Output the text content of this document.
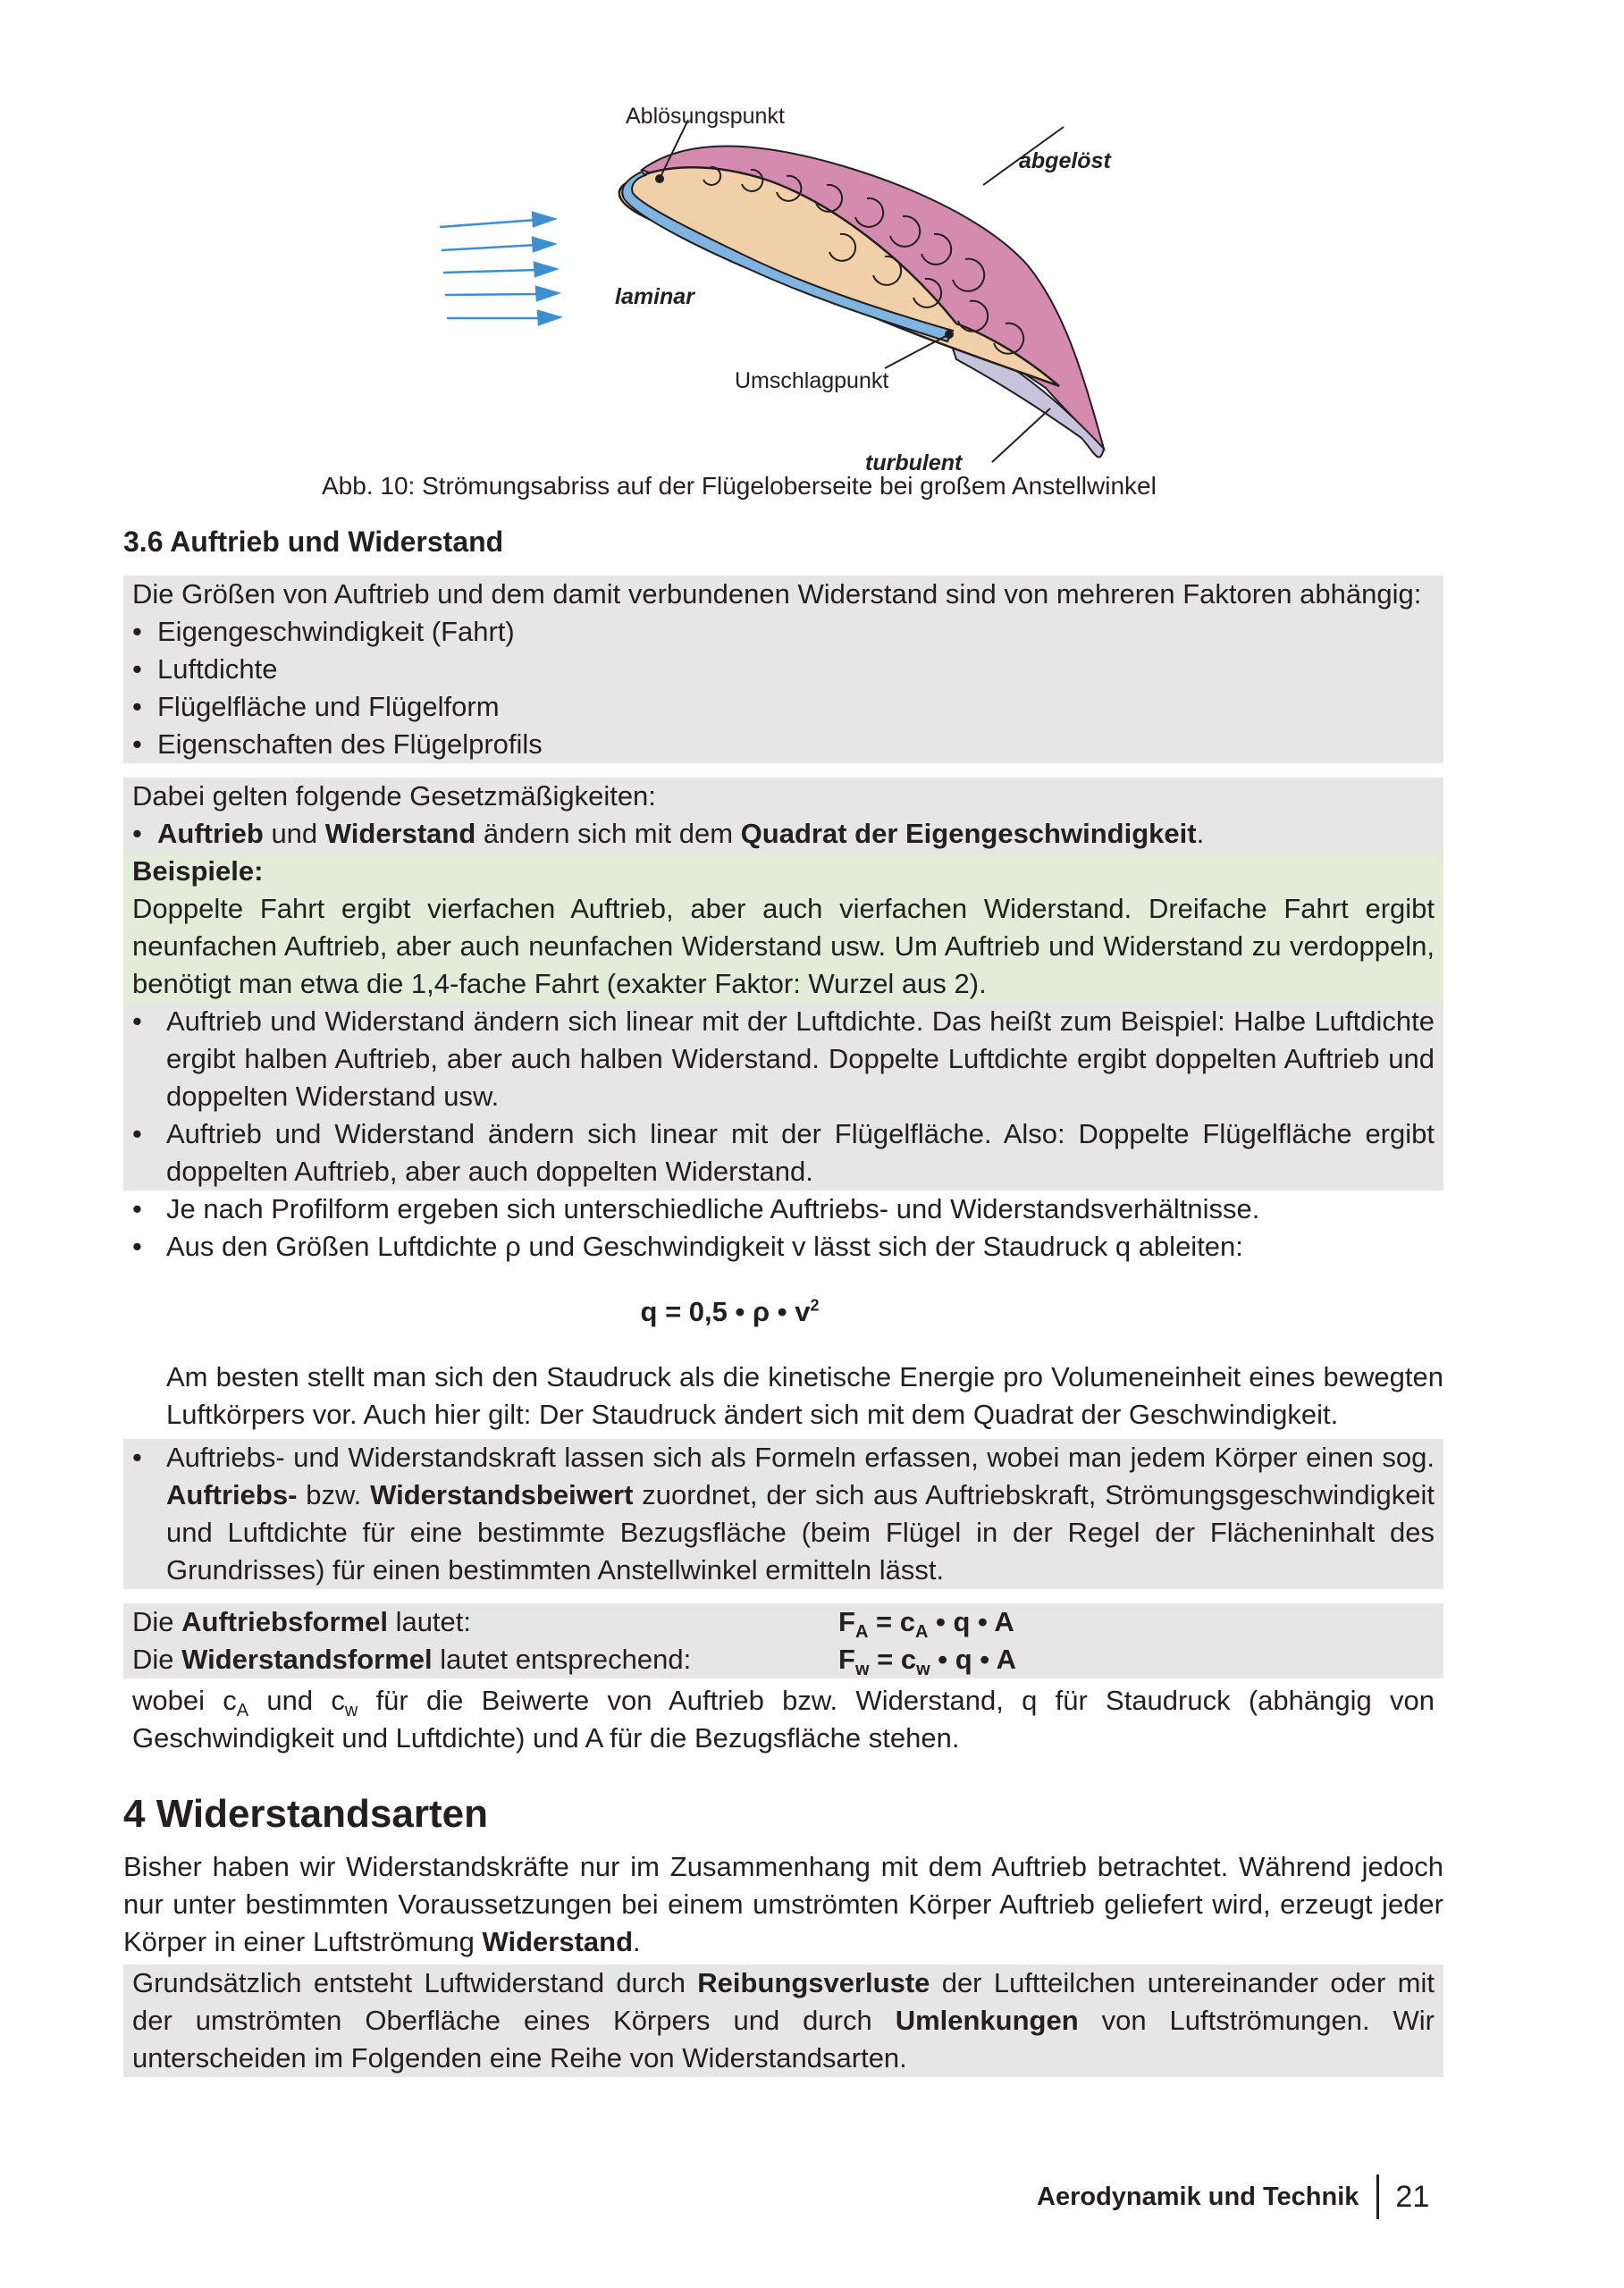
Ablösungspunkt
abgelöst
laminar
Umschlagpunkt
turbulent
Abb. 10: Strömungsabriss auf der Flügeloberseite bei großem Anstellwinkel
3.6 Auftrieb und Widerstand

Die Größen von Auftrieb und dem damit verbundenen Widerstand sind von mehreren Faktoren abhängig:

• Eigengeschwindigkeit (Fahrt)
• Luftdichte
• Flügelfläche und Flügelform
• Eigenschaften des Flügelprofils

Dabei gelten folgende Gesetzmäßigkeiten:

• Auftrieb und Widerstand ändern sich mit dem Quadrat der Eigengeschwindigkeit.

Beispiele:

Doppelte Fahrt ergibt vierfachen Auftrieb, aber auch vierfachen Widerstand. Dreifache Fahrt ergibt neunfachen Auftrieb, aber auch neunfachen Widerstand usw. Um Auftrieb und Widerstand zu verdoppeln, benötigt man etwa die 1,4-fache Fahrt (exakter Faktor: Wurzel aus 2).

• Auftrieb und Widerstand ändern sich linear mit der Luftdichte. Das heißt zum Beispiel: Halbe Luftdichte ergibt halben Auftrieb, aber auch halben Widerstand. Doppelte Luftdichte ergibt doppelten Auftrieb und doppelten Widerstand usw.

• Auftrieb und Widerstand ändern sich linear mit der Flügelfläche. Also: Doppelte Flügelfläche ergibt doppelten Auftrieb, aber auch doppelten Widerstand.

• Je nach Profilform ergeben sich unterschiedliche Auftriebs- und Widerstandsverhältnisse.

• Aus den Größen Luftdichte ρ und Geschwindigkeit v lässt sich der Staudruck q ableiten:

q = 0,5 • ρ • $v^2$

Am besten stellt man sich den Staudruck als die kinetische Energie pro Volumeneinheit eines bewegten Luftkörpers vor. Auch hier gilt: Der Staudruck ändert sich mit dem Quadrat der Geschwindigkeit.

• Auftriebs- und Widerstandskraft lassen sich als Formeln erfassen, wobei man jedem Körper einen sog. Auftriebs- bzw. Widerstandsbeiwert zuordnet, der sich aus Auftriebskraft, Strömungsgeschwindigkeit und Luftdichte für eine bestimmte Bezugsfläche (beim Flügel in der Regel der Flächeninhalt des Grundrisses) für einen bestimmten Anstellwinkel ermitteln lässt.

Die Auftriebsformel lautet:	$F_A = c_A$ • q • A
Die Widerstandsformel lautet entsprechend:	$F_w = c_w$ • q • A

wobei $c_A$ und $c_w$ für die Beiwerte von Auftrieb bzw. Widerstand, q für Staudruck (abhängig von Geschwindigkeit und Luftdichte) und A für die Bezugsfläche stehen.

4 Widerstandsarten

Bisher haben wir Widerstandskräfte nur im Zusammenhang mit dem Auftrieb betrachtet. Während jedoch nur unter bestimmten Voraussetzungen bei einem umströmten Körper Auftrieb geliefert wird, erzeugt jeder Körper in einer Luftströmung Widerstand.

Grundsätzlich entsteht Luftwiderstand durch Reibungsverluste der Luftteilchen untereinander oder mit der umströmten Oberfläche eines Körpers und durch Umlenkungen von Luftströmungen. Wir unterscheiden im Folgenden eine Reihe von Widerstandsarten.

Aerodynamik und Technik	21
